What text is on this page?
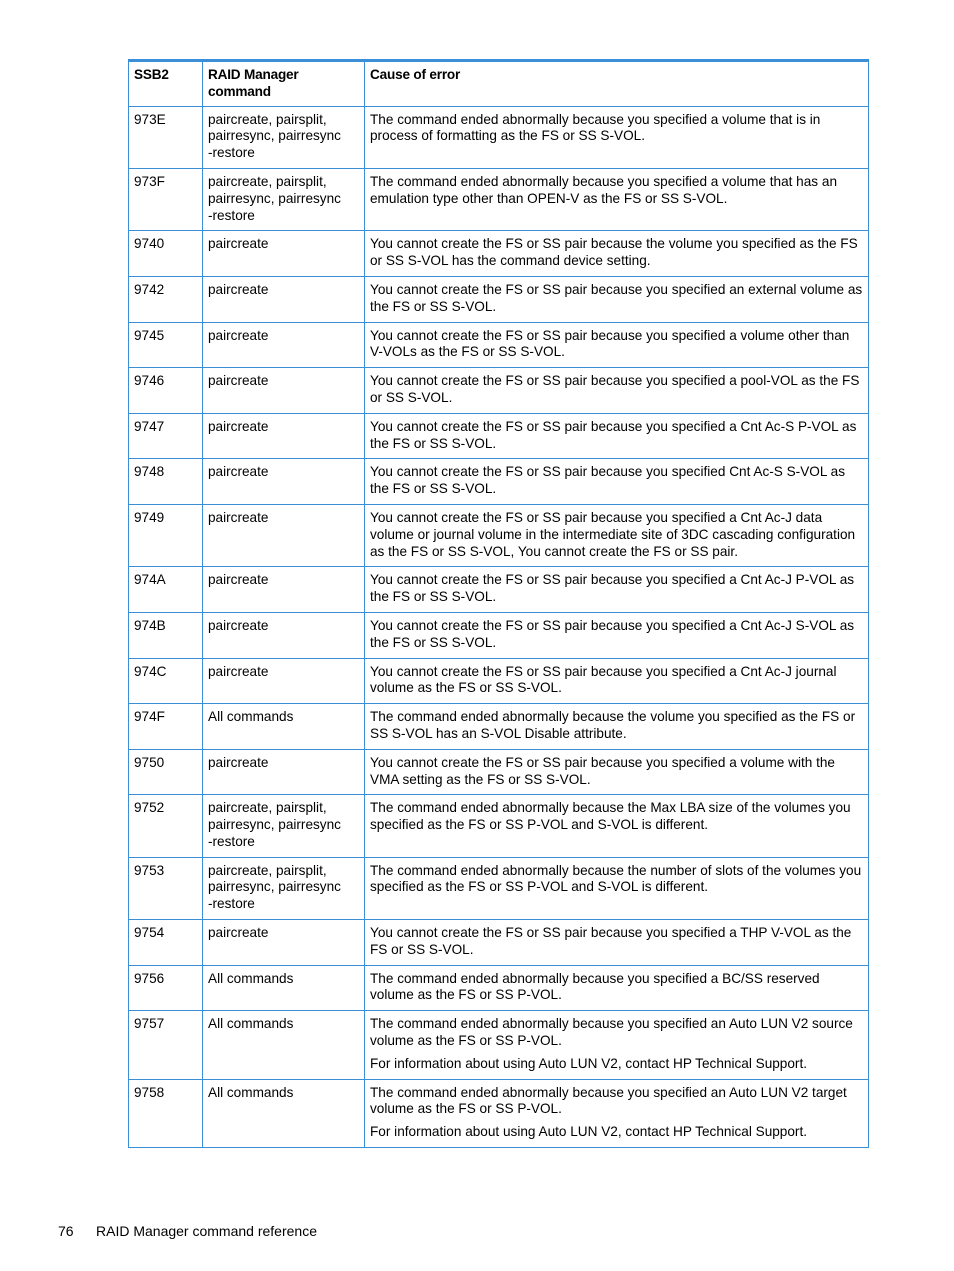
SSB2	RAID Manager command	Cause of error
973E	paircreate, pairsplit,
pairresync, pairresync
-restore	The command ended abnormally because you specified a volume that is in process of formatting as the FS or SS S-VOL.

973F	paircreate, pairsplit,
pairresync, pairresync
-restore	The command ended abnormally because you specified a volume that has an emulation type other than OPEN-V as the FS or SS S-VOL.

9740	paircreate	You cannot create the FS or SS pair because the volume you specified as the FS or SS S-VOL has the command device setting.

9742	paircreate	You cannot create the FS or SS pair because you specified an external volume as the FS or SS S-VOL.

9745	paircreate	You cannot create the FS or SS pair because you specified a volume other than V-VOLs as the FS or SS S-VOL.

9746	paircreate	You cannot create the FS or SS pair because you specified a pool-VOL as the FS or SS S-VOL.

9747	paircreate	You cannot create the FS or SS pair because you specified a Cnt Ac-S P-VOL as the FS or SS S-VOL.

9748	paircreate	You cannot create the FS or SS pair because you specified Cnt Ac-S S-VOL as the FS or SS S-VOL.

9749	paircreate	You cannot create the FS or SS pair because you specified a Cnt Ac-J data volume or journal volume in the intermediate site of 3DC cascading configuration as the FS or SS S-VOL, You cannot create the FS or SS pair.

974A	paircreate	You cannot create the FS or SS pair because you specified a Cnt Ac-J P-VOL as the FS or SS S-VOL.

974B	paircreate	You cannot create the FS or SS pair because you specified a Cnt Ac-J S-VOL as the FS or SS S-VOL.

974C	paircreate	You cannot create the FS or SS pair because you specified a Cnt Ac-J journal volume as the FS or SS S-VOL.

974F	All commands	The command ended abnormally because the volume you specified as the FS or SS S-VOL has an S-VOL Disable attribute.

9750	paircreate	You cannot create the FS or SS pair because you specified a volume with the VMA setting as the FS or SS S-VOL.

9752	paircreate, pairsplit,
pairresync, pairresync
-restore	The command ended abnormally because the Max LBA size of the volumes you specified as the FS or SS P-VOL and S-VOL is different.

9753	paircreate, pairsplit,
pairresync, pairresync
-restore	The command ended abnormally because the number of slots of the volumes you specified as the FS or SS P-VOL and S-VOL is different.

9754	paircreate	You cannot create the FS or SS pair because you specified a THP V-VOL as the FS or SS S-VOL.

9756	All commands	The command ended abnormally because you specified a BC/SS reserved volume as the FS or SS P-VOL.

9757	All commands	The command ended abnormally because you specified an Auto LUN V2 source volume as the FS or SS P-VOL.
For information about using Auto LUN V2, contact HP Technical Support.

9758	All commands	The command ended abnormally because you specified an Auto LUN V2 target volume as the FS or SS P-VOL.
For information about using Auto LUN V2, contact HP Technical Support.
76 RAID Manager command reference
